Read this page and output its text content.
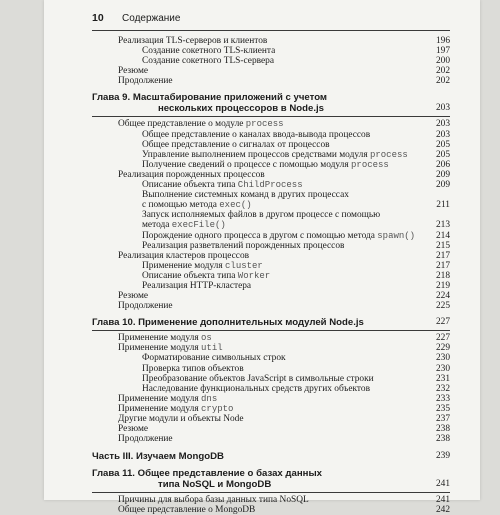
10	Содержание
Реализация TLS-серверов и клиентов	196
Создание сокетного TLS-клиента	197
Создание сокетного TLS-сервера	200
Резюме	202
Продолжение	202
Глава 9. Масштабирование приложений с учетом
нескольких процессоров в Node.js	203
Общее представление о модуле process	203
Общее представление о каналах ввода-вывода процессов	203
Общее представление о сигналах от процессов	205
Управление выполнением процессов средствами модуля process	205
Получение сведений о процессе с помощью модуля process	206
Реализация порожденных процессов	209
Описание объекта типа ChildProcess	209
Выполнение системных команд в других процессах
с помощью метода exec()	211
Запуск исполняемых файлов в другом процессе с помощью
метода execFile()	213
Порождение одного процесса в другом с помощью метода spawn()	214
Реализация разветвлений порожденных процессов	215
Реализация кластеров процессов	217
Применение модуля cluster	217
Описание объекта типа Worker	218
Реализация HTTP-кластера	219
Резюме	224
Продолжение	225
Глава 10. Применение дополнительных модулей Node.js	227
Применение модуля os	227
Применение модуля util	229
Форматирование символьных строк	230
Проверка типов объектов	230
Преобразование объектов JavaScript в символьные строки	231
Наследование функциональных средств других объектов	232
Применение модуля dns	233
Применение модуля crypto	235
Другие модули и объекты Node	237
Резюме	238
Продолжение	238
Часть III. Изучаем MongoDB	239
Глава 11. Общее представление о базах данных
типа NoSQL и MongoDB	241
Причины для выбора базы данных типа NoSQL	241
Общее представление о MongoDB	242
